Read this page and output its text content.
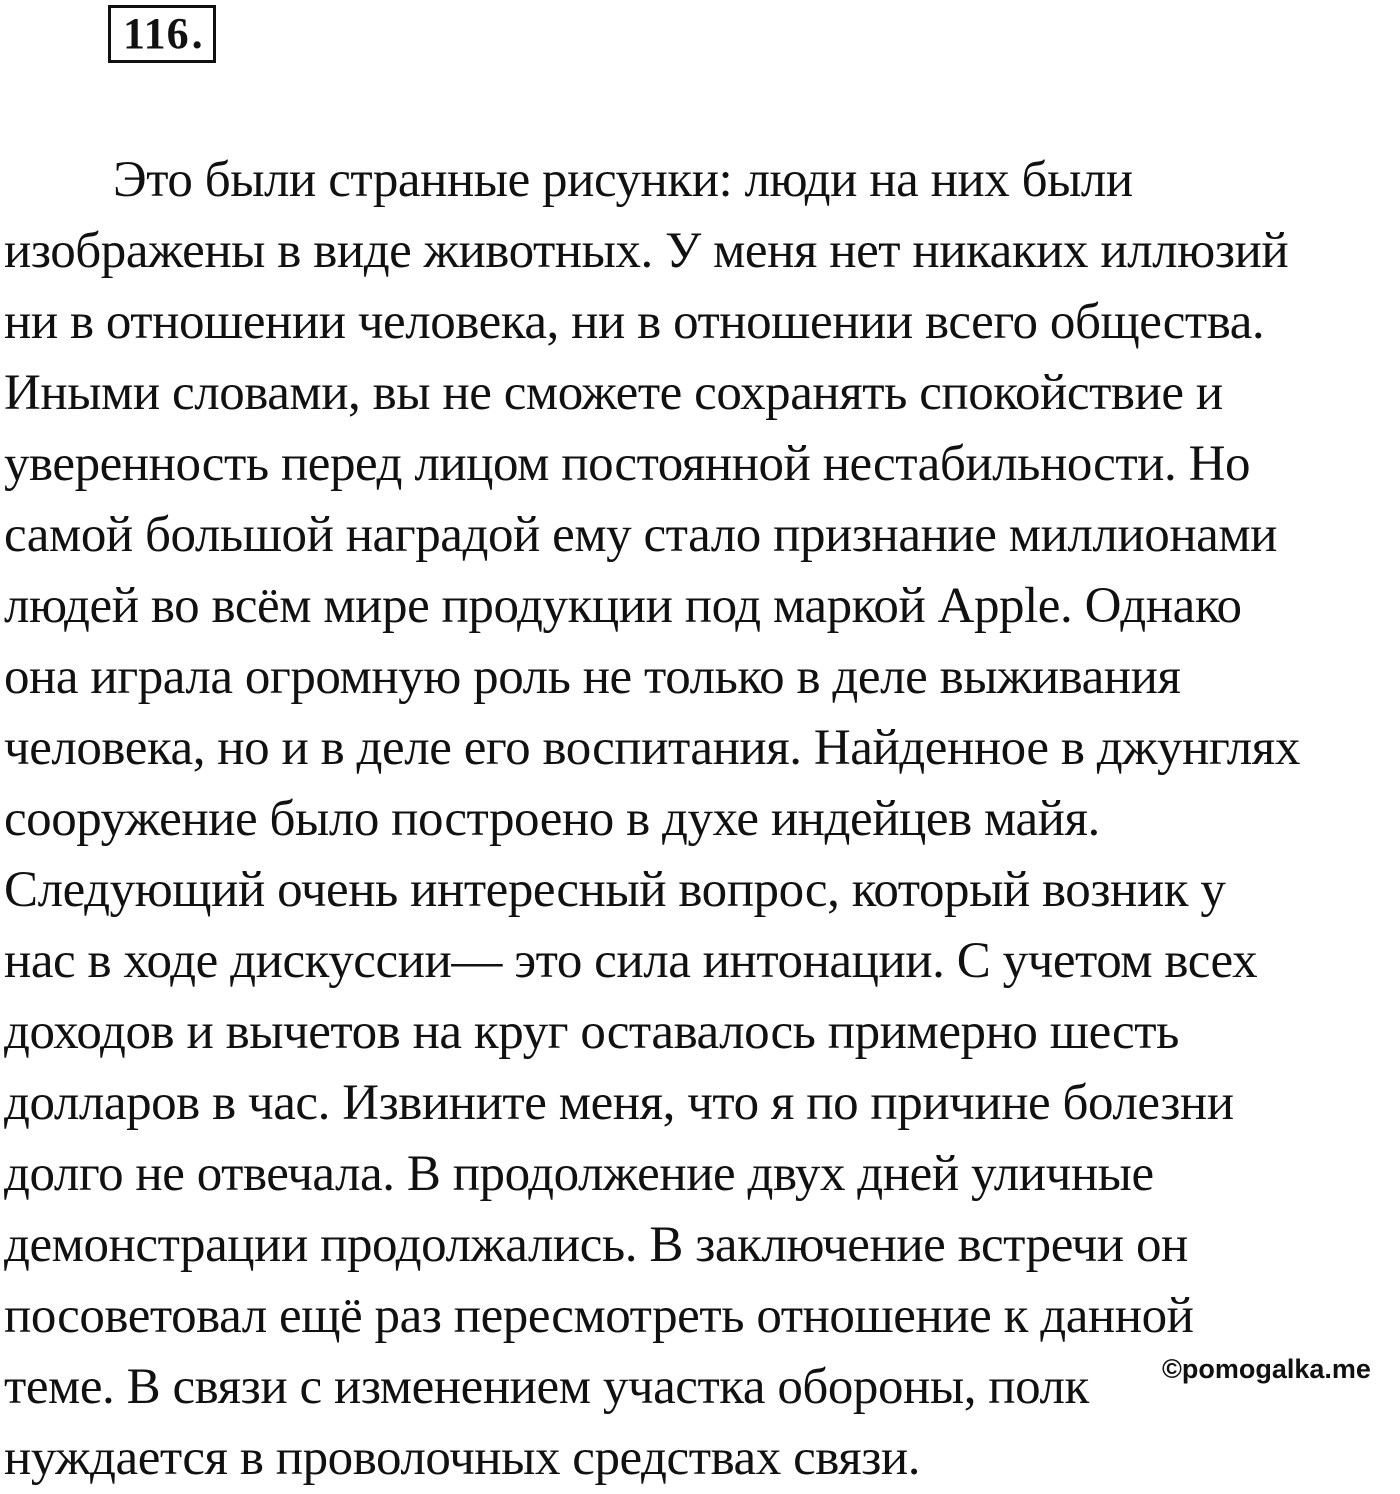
116 .
Это были странные рисунки: люди на них были
изображены в виде животных. У меня нет никаких иллюзий
ни в отношении человека, ни в отношении всего общества.
Иными словами, вы не сможете сохранять спокойствие и
уверенность перед лицом постоянной нестабильности. Но
самой большой наградой ему стало признание миллионами
людей во всём мире продукции под маркой Apple. Однако
она играла огромную роль не только в деле выживания
человека, но и в деле его воспитания. Найденное в джунглях
сооружение было построено в духе индейцев майя.
Следующий очень интересный вопрос, который возник у
нас в ходе дискуссии— это сила интонации. С учетом всех
доходов и вычетов на круг оставалось примерно шесть
долларов в час. Извините меня, что я по причине болезни
долго не отвечала. В продолжение двух дней уличные
демонстрации продолжались. В заключение встречи он
посоветовал ещё раз пересмотреть отношение к данной
теме. В связи с изменением участка обороны, полк
нуждается в проволочных средствах связи.
©pomogalka.me
